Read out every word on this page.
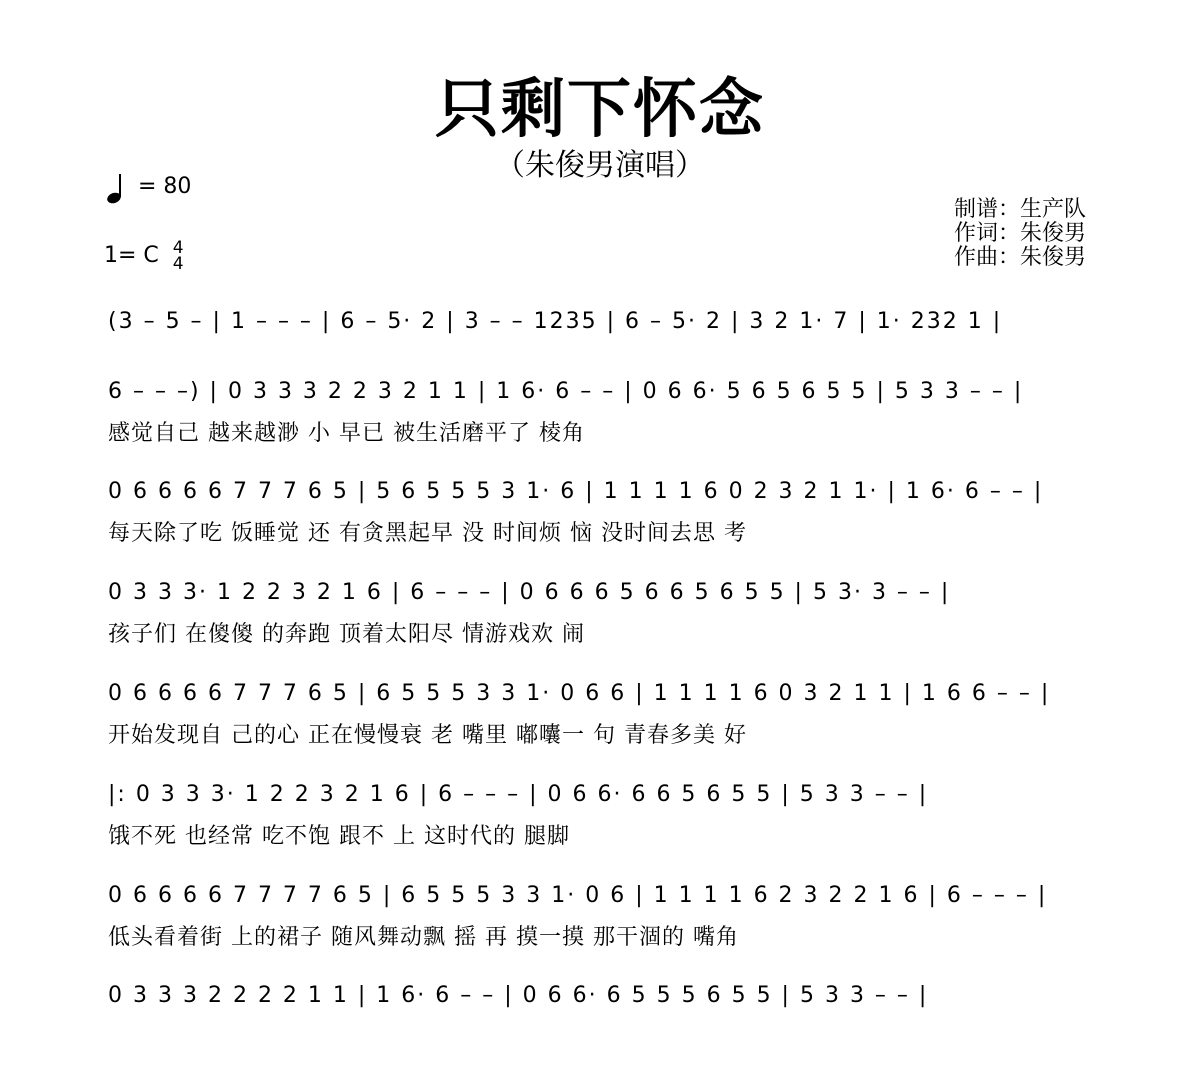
只剩下怀念
（朱俊男演唱）
= 80
1= C 4
4
制谱：生产队
作词：朱俊男
作曲：朱俊男
(3 – 5 – | 1 – – – | 6 – 5· 2 | 3 – – 1235 | 6 – 5· 2 | 3 2 1· 7 | 1· 232 1 |
6 – – –) | 0 3 3 3 2 2 3 2 1 1 | 1 6· 6 – – | 0 6 6· 5 6 5 6 5 5 | 5 3 3 – – |
感觉自己 越来越渺 小 早已 被生活磨平了 棱角
0 6 6 6 6 7 7 7 6 5 | 5 6 5 5 5 3 1· 6 | 1 1 1 1 6 0 2 3 2 1 1· | 1 6· 6 – – |
每天除了吃 饭睡觉 还 有贪黑起早 没 时间烦 恼 没时间去思 考
0 3 3 3· 1 2 2 3 2 1 6 | 6 – – – | 0 6 6 6 5 6 6 5 6 5 5 | 5 3· 3 – – |
孩子们 在傻傻 的奔跑 顶着太阳尽 情游戏欢 闹
0 6 6 6 6 7 7 7 6 5 | 6 5 5 5 3 3 1· 0 6 6 | 1 1 1 1 6 0 3 2 1 1 | 1 6 6 – – |
开始发现自 己的心 正在慢慢衰 老 嘴里 嘟囔一 句 青春多美 好
|: 0 3 3 3· 1 2 2 3 2 1 6 | 6 – – – | 0 6 6· 6 6 5 6 5 5 | 5 3 3 – – |
饿不死 也经常 吃不饱 跟不 上 这时代的 腿脚
0 6 6 6 6 7 7 7 7 6 5 | 6 5 5 5 3 3 1· 0 6 | 1 1 1 1 6 2 3 2 2 1 6 | 6 – – – |
低头看着街 上的裙子 随风舞动飘 摇 再 摸一摸 那干涸的 嘴角
0 3 3 3 2 2 2 2 1 1 | 1 6· 6 – – | 0 6 6· 6 5 5 5 6 5 5 | 5 3 3 – – |
